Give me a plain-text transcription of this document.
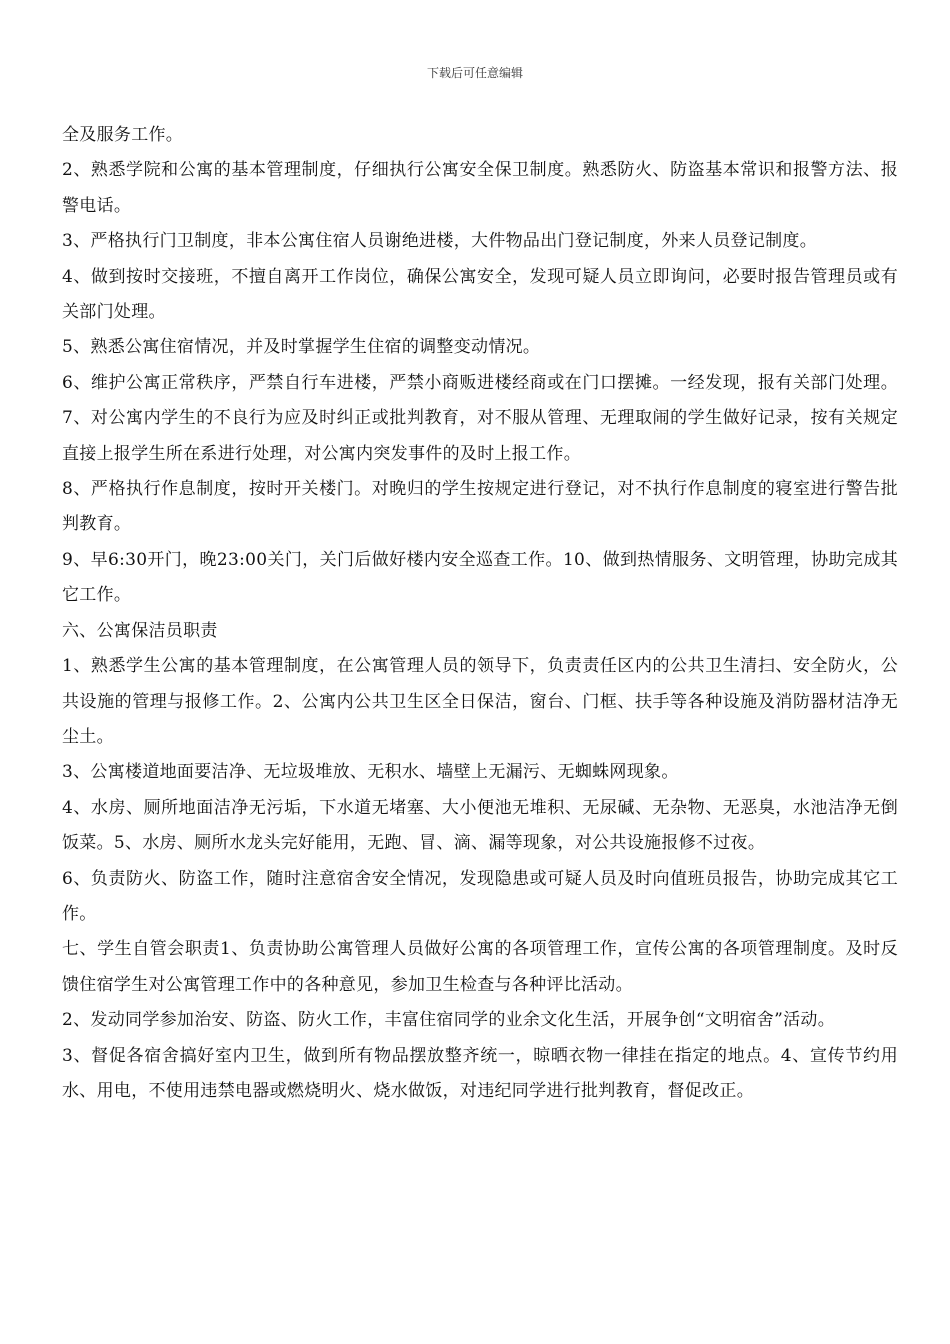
下载后可任意编辑

全及服务工作。

2、熟悉学院和公寓的基本管理制度，仔细执行公寓安全保卫制度。熟悉防火、防盗基本常识和报警方法、报警电话。

3、严格执行门卫制度，非本公寓住宿人员谢绝进楼，大件物品出门登记制度，外来人员登记制度。

4、做到按时交接班，不擅自离开工作岗位，确保公寓安全，发现可疑人员立即询问，必要时报告管理员或有关部门处理。

5、熟悉公寓住宿情况，并及时掌握学生住宿的调整变动情况。

6、维护公寓正常秩序，严禁自行车进楼，严禁小商贩进楼经商或在门口摆摊。一经发现，报有关部门处理。7、对公寓内学生的不良行为应及时纠正或批判教育，对不服从管理、无理取闹的学生做好记录，按有关规定直接上报学生所在系进行处理，对公寓内突发事件的及时上报工作。

8、严格执行作息制度，按时开关楼门。对晚归的学生按规定进行登记，对不执行作息制度的寝室进行警告批判教育。

9、早6:30开门，晚23:00关门，关门后做好楼内安全巡查工作。10、做到热情服务、文明管理，协助完成其它工作。

六、公寓保洁员职责

1、熟悉学生公寓的基本管理制度，在公寓管理人员的领导下，负责责任区内的公共卫生清扫、安全防火，公共设施的管理与报修工作。2、公寓内公共卫生区全日保洁，窗台、门框、扶手等各种设施及消防器材洁净无尘土。

3、公寓楼道地面要洁净、无垃圾堆放、无积水、墙壁上无漏污、无蜘蛛网现象。

4、水房、厕所地面洁净无污垢，下水道无堵塞、大小便池无堆积、无尿碱、无杂物、无恶臭，水池洁净无倒饭菜。5、水房、厕所水龙头完好能用，无跑、冒、滴、漏等现象，对公共设施报修不过夜。

6、负责防火、防盗工作，随时注意宿舍安全情况，发现隐患或可疑人员及时向值班员报告，协助完成其它工作。

七、学生自管会职责1、负责协助公寓管理人员做好公寓的各项管理工作，宣传公寓的各项管理制度。及时反馈住宿学生对公寓管理工作中的各种意见，参加卫生检查与各种评比活动。

2、发动同学参加治安、防盗、防火工作，丰富住宿同学的业余文化生活，开展争创“文明宿舍”活动。

3、督促各宿舍搞好室内卫生，做到所有物品摆放整齐统一，晾晒衣物一律挂在指定的地点。4、宣传节约用水、用电，不使用违禁电器或燃烧明火、烧水做饭，对违纪同学进行批判教育，督促改正。
